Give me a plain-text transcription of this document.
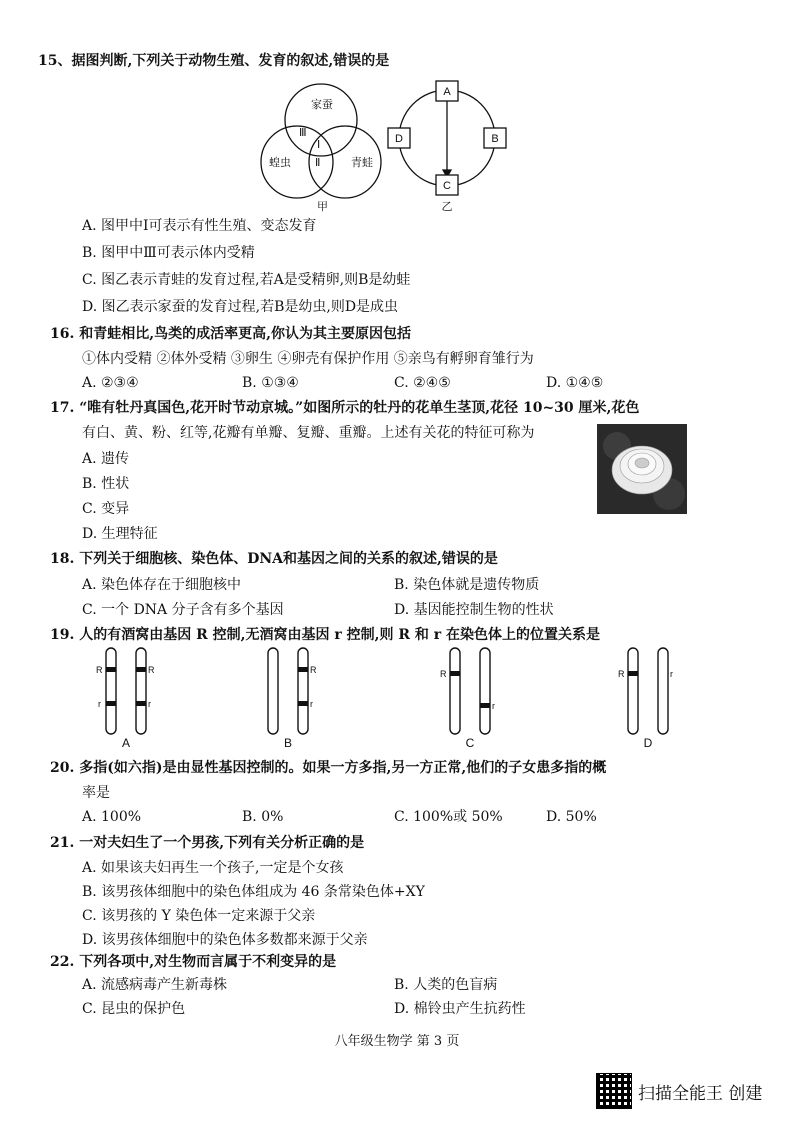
15、据图判断,下列关于动物生殖、发育的叙述,错误的是
家蚕
蝗虫	青蛙
Ⅰ
Ⅱ
Ⅲ
甲
A
B
C
D
乙
A. 图甲中Ⅰ可表示有性生殖、变态发育
B. 图甲中Ⅲ可表示体内受精
C. 图乙表示青蛙的发育过程,若A是受精卵,则B是幼蛙
D. 图乙表示家蚕的发育过程,若B是幼虫,则D是成虫
16. 和青蛙相比,鸟类的成活率更高,你认为其主要原因包括
①体内受精 ②体外受精 ③卵生 ④卵壳有保护作用 ⑤亲鸟有孵卵育雏行为
A. ②③④	B. ①③④	C. ②④⑤	D. ①④⑤
17. “唯有牡丹真国色,花开时节动京城。”如图所示的牡丹的花单生茎顶,花径 10~30 厘米,花色
有白、黄、粉、红等,花瓣有单瓣、复瓣、重瓣。上述有关花的特征可称为
A. 遗传
B. 性状
C. 变异
D. 生理特征
18. 下列关于细胞核、染色体、DNA和基因之间的关系的叙述,错误的是
A. 染色体存在于细胞核中	B. 染色体就是遗传物质
C. 一个 DNA 分子含有多个基因	D. 基因能控制生物的性状
19. 人的有酒窝由基因 R 控制,无酒窝由基因 r 控制,则 R 和 r 在染色体上的位置关系是
R
r
R
r
R
r
R
r
R	r
A	B	C	D
20. 多指(如六指)是由显性基因控制的。如果一方多指,另一方正常,他们的子女患多指的概
率是
A. 100%	B. 0%	C. 100%或 50%	D. 50%
21. 一对夫妇生了一个男孩,下列有关分析正确的是
A. 如果该夫妇再生一个孩子,一定是个女孩
B. 该男孩体细胞中的染色体组成为 46 条常染色体+XY
C. 该男孩的 Y 染色体一定来源于父亲
D. 该男孩体细胞中的染色体多数都来源于父亲
22. 下列各项中,对生物而言属于不利变异的是
A. 流感病毒产生新毒株	B. 人类的色盲病
C. 昆虫的保护色	D. 棉铃虫产生抗药性
八年级生物学 第 3 页
扫描全能王 创建
